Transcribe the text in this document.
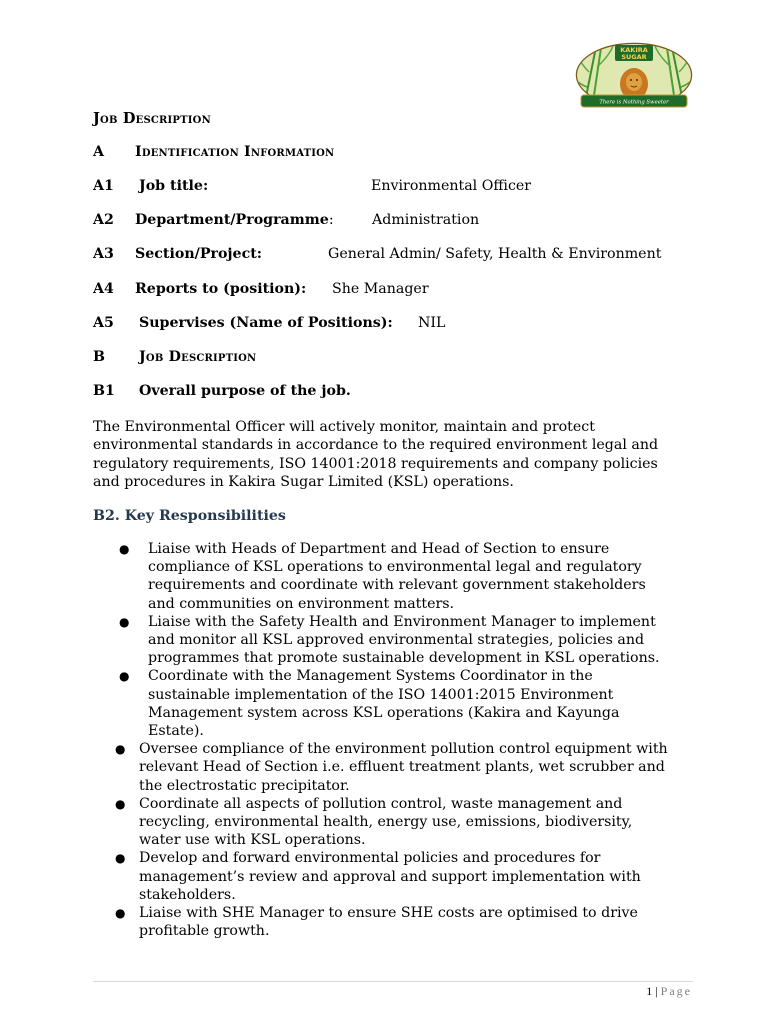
KAKIRA
SUGAR
There is Nothing Sweeter
Job Description
A Identification Information
A1 Job title:	Environmental Officer
A2 Department/Programme:	Administration
A3 Section/Project:	General Admin/ Safety, Health & Environment
A4 Reports to (position): She Manager
A5 Supervises (Name of Positions): NIL
B Job Description
B1 Overall purpose of the job.
The Environmental Officer will actively monitor, maintain and protect
environmental standards in accordance to the required environment legal and
regulatory requirements, ISO 14001:2018 requirements and company policies
and procedures in Kakira Sugar Limited (KSL) operations.
B2. Key Responsibilities
● Liaise with Heads of Department and Head of Section to ensure
compliance of KSL operations to environmental legal and regulatory
requirements and coordinate with relevant government stakeholders
and communities on environment matters.
● Liaise with the Safety Health and Environment Manager to implement
and monitor all KSL approved environmental strategies, policies and
programmes that promote sustainable development in KSL operations.
● Coordinate with the Management Systems Coordinator in the
sustainable implementation of the ISO 14001:2015 Environment
Management system across KSL operations (Kakira and Kayunga
Estate).
● Oversee compliance of the environment pollution control equipment with
relevant Head of Section i.e. effluent treatment plants, wet scrubber and
the electrostatic precipitator.
● Coordinate all aspects of pollution control, waste management and
recycling, environmental health, energy use, emissions, biodiversity,
water use with KSL operations.
● Develop and forward environmental policies and procedures for
management’s review and approval and support implementation with
stakeholders.
● Liaise with SHE Manager to ensure SHE costs are optimised to drive
profitable growth.
1 | Page
